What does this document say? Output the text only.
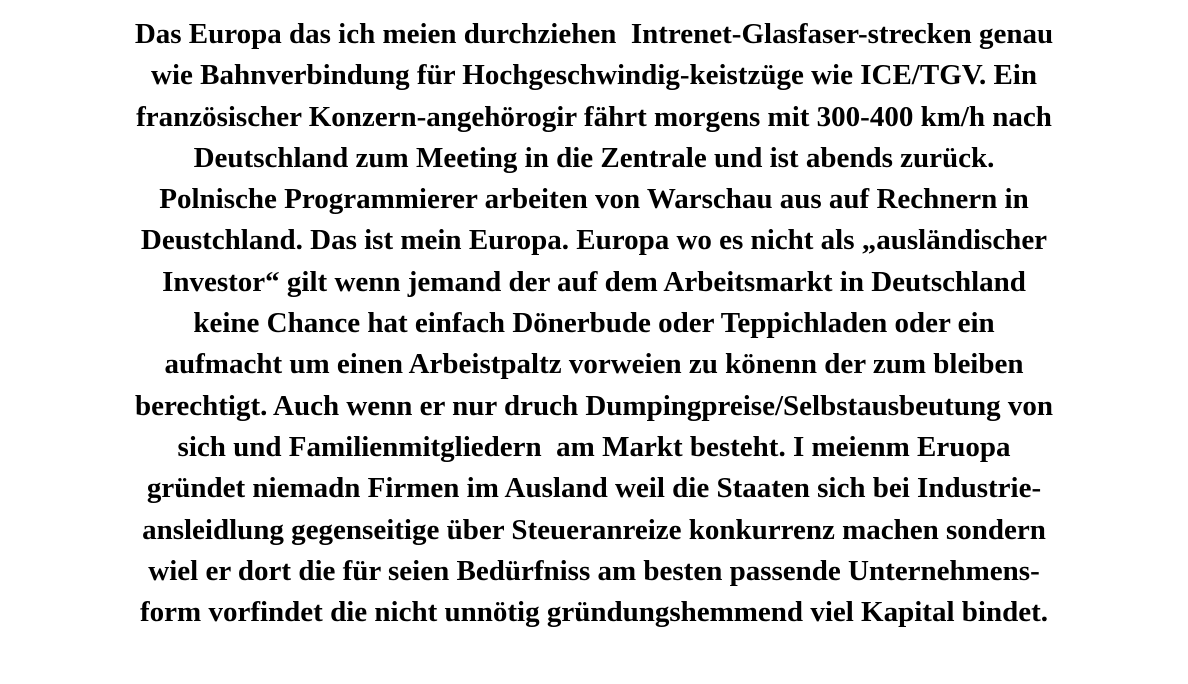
Das Europa das ich meien durchziehen  Intrenet-Glasfaser-strecken genau
wie Bahnverbindung für Hochgeschwindig-keistzüge wie ICE/TGV. Ein
französischer Konzern-angehörogir fährt morgens mit 300-400 km/h nach
Deutschland zum Meeting in die Zentrale und ist abends zurück.
Polnische Programmierer arbeiten von Warschau aus auf Rechnern in
Deustchland. Das ist mein Europa. Europa wo es nicht als „ausländischer
Investor“ gilt wenn jemand der auf dem Arbeitsmarkt in Deutschland
keine Chance hat einfach Dönerbude oder Teppichladen oder ein
aufmacht um einen Arbeistpaltz vorweien zu könenn der zum bleiben
berechtigt. Auch wenn er nur druch Dumpingpreise/Selbstausbeutung von
sich und Familienmitgliedern  am Markt besteht. I meienm Eruopa
gründet niemadn Firmen im Ausland weil die Staaten sich bei Industrie-
ansleidlung gegenseitige über Steueranreize konkurrenz machen sondern
wiel er dort die für seien Bedürfniss am besten passende Unternehmens-
form vorfindet die nicht unnötig gründungshemmend viel Kapital bindet.
